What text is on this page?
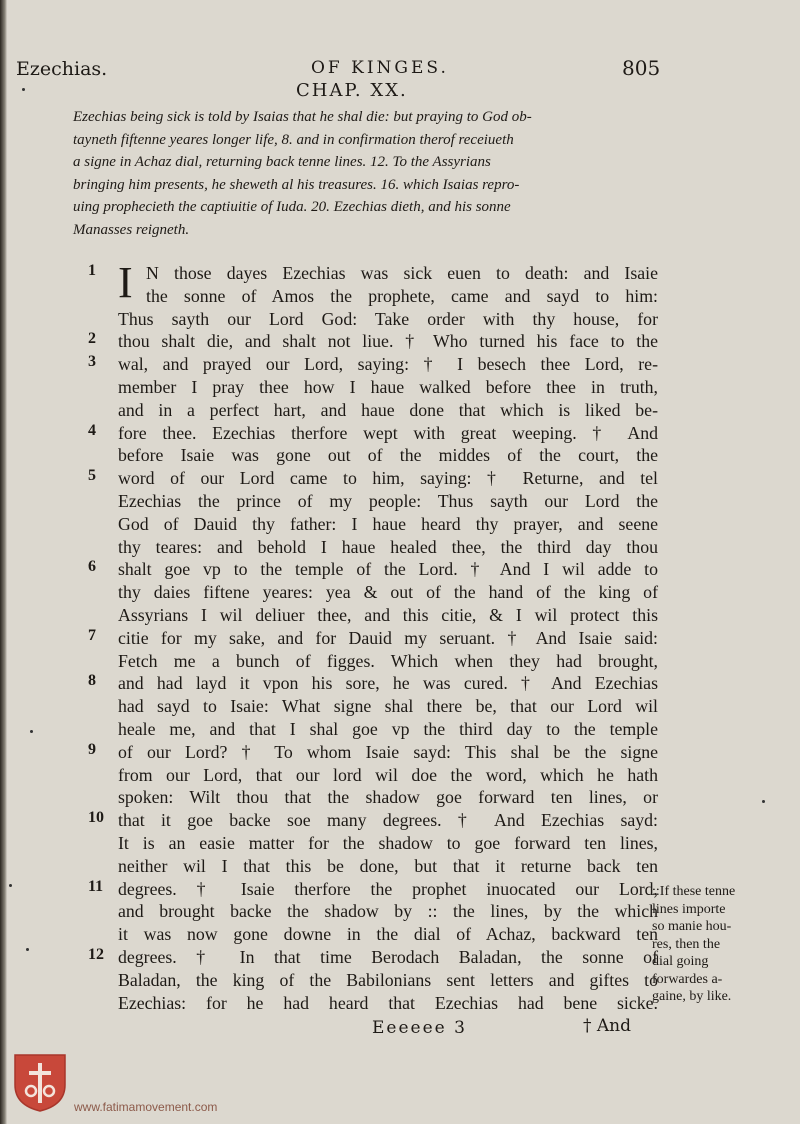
Ezechias.	OF KINGES.	805
CHAP. XX.

Ezechias being sick is told by Isaias that he shal die: but praying to God ob-

tayneth fiftenne yeares longer life, 8. and in confirmation therof receiueth

a signe in Achaz dial, returning back tenne lines. 12. To the Assyrians

bringing him presents, he sheweth al his treasures. 16. which Isaias repro-

uing prophecieth the captiuitie of Iuda. 20. Ezechias dieth, and his sonne

Manasses reigneth.

I
1
2
3
4
5
6
7
8
9
10
11
12
N those dayes Ezechias was sick euen to death: and Isaie
the sonne of Amos the prophete, came and sayd to him:
Thus sayth our Lord God: Take order with thy house, for
thou shalt die, and shalt not liue. † Who turned his face to the
wal, and prayed our Lord, saying: † I besech thee Lord, re-
member I pray thee how I haue walked before thee in truth,
and in a perfect hart, and haue done that which is liked be-
fore thee. Ezechias therfore wept with great weeping. † And
before Isaie was gone out of the middes of the court, the
word of our Lord came to him, saying: † Returne, and tel
Ezechias the prince of my people: Thus sayth our Lord the
God of Dauid thy father: I haue heard thy prayer, and seene
thy teares: and behold I haue healed thee, the third day thou
shalt goe vp to the temple of the Lord. † And I wil adde to
thy daies fiftene yeares: yea & out of the hand of the king of
Assyrians I wil deliuer thee, and this citie, & I wil protect this
citie for my sake, and for Dauid my seruant. † And Isaie said:
Fetch me a bunch of figges. Which when they had brought,
and had layd it vpon his sore, he was cured. † And Ezechias
had sayd to Isaie: What signe shal there be, that our Lord wil
heale me, and that I shal goe vp the third day to the temple
of our Lord? † To whom Isaie sayd: This shal be the signe
from our Lord, that our lord wil doe the word, which he hath
spoken: Wilt thou that the shadow goe forward ten lines, or
that it goe backe soe many degrees. † And Ezechias sayd:
It is an easie matter for the shadow to goe forward ten lines,
neither wil I that this be done, but that it returne back ten
degrees. † Isaie therfore the prophet inuocated our Lord,
and brought backe the shadow by :: the lines, by the which
it was now gone downe in the dial of Achaz, backward ten
degrees. † In that time Berodach Baladan, the sonne of
Baladan, the king of the Babilonians sent letters and giftes to
Ezechias: for he had heard that Ezechias had bene sicke.
::If these tenne
lines importe
so manie hou-
res, then the
dial going
forwardes a-
gaine, by like.
Eeeeee 3	† And
www.fatimamovement.com
